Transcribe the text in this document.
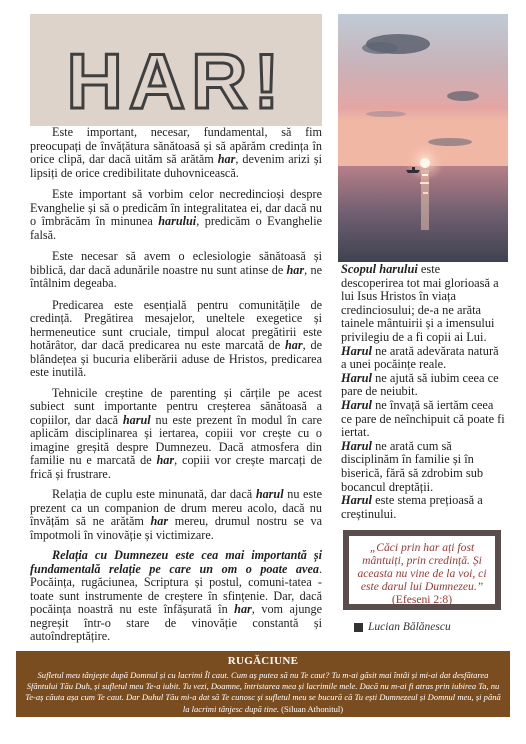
HAR!

Este important, necesar, fundamental, să fim preocupați de învățătura sănătoasă și să apărăm credința în orice clipă, dar dacă uităm să arătăm har, devenim arizi și lipsiți de orice credibilitate duhovnicească.

Este important să vorbim celor necredincioși despre Evanghelie și să o predicăm în integralitatea ei, dar dacă nu o îmbrăcăm în minunea harului, predicăm o Evanghelie falsă.

Este necesar să avem o eclesiologie sănătoasă și biblică, dar dacă adunările noastre nu sunt atinse de har, ne întâlnim degeaba.

Predicarea este esențială pentru comunitățile de credință. Pregătirea mesajelor, uneltele exegetice și hermeneutice sunt cruciale, timpul alocat pregătirii este hotărâtor, dar dacă predicarea nu este marcată de har, de blândețea și bucuria eliberării aduse de Hristos, predicarea este inutilă.

Tehnicile creștine de parenting și cărțile pe acest subiect sunt importante pentru creșterea sănătoasă a copiilor, dar dacă harul nu este prezent în modul în care aplicăm disciplinarea și iertarea, copiii vor crește cu o imagine greșită despre Dumnezeu. Dacă atmosfera din familie nu e marcată de har, copiii vor crește marcați de frică și frustrare.

Relația de cuplu este minunată, dar dacă harul nu este prezent ca un companion de drum mereu acolo, dacă nu învățăm să ne arătăm har mereu, drumul nostru se va împotmoli în vinovăție și victimizare.

Relația cu Dumnezeu este cea mai importantă și fundamentală relație pe care un om o poate avea. Pocăința, rugăciunea, Scriptura și postul, comuni-tatea - toate sunt instrumente de creștere în sfințenie. Dar, dacă pocăința noastră nu este înfășurată în har, vom ajunge negreșit într-o stare de vinovăție constantă și autoîndreptățire.

Scopul harului este descoperirea tot mai glorioasă a lui Isus Hristos în viața credinciosului; de-a ne arăta tainele mântuirii și a imensului privilegiu de a fi copii ai Lui.

Harul ne arată adevărata natură a unei pocăințe reale.

Harul ne ajută să iubim ceea ce pare de neiubit.

Harul ne învață să iertăm ceea ce pare de neînchipuit că poate fi iertat.

Harul ne arată cum să disciplinăm în familie și în biserică, fără să zdrobim sub bocancul dreptății.

Harul este stema prețioasă a creștinului.

„Căci prin har ați fost mântuiți, prin credință. Și aceasta nu vine de la voi, ci este darul lui Dumnezeu.”
(Efeseni 2:8)
Lucian Bălănescu
RUGĂCIUNE
Sufletul meu tânjește după Domnul și cu lacrimi Îl caut. Cum aș putea să nu Te caut? Tu m-ai găsit mai întâi și mi-ai dat desfătarea Sfântului Tău Duh, și sufletul meu Te-a iubit. Tu vezi, Doamne, întristarea mea și lacrimile mele. Dacă nu m-ai fi atras prin iubirea Ta, nu Te-aș căuta așa cum Te caut. Dar Duhul Tău mi-a dat să Te cunosc și sufletul meu se bucură că Tu ești Dumnezeul și Domnul meu, și până la lacrimi tânjesc după tine. (Siluan Athonitul)
